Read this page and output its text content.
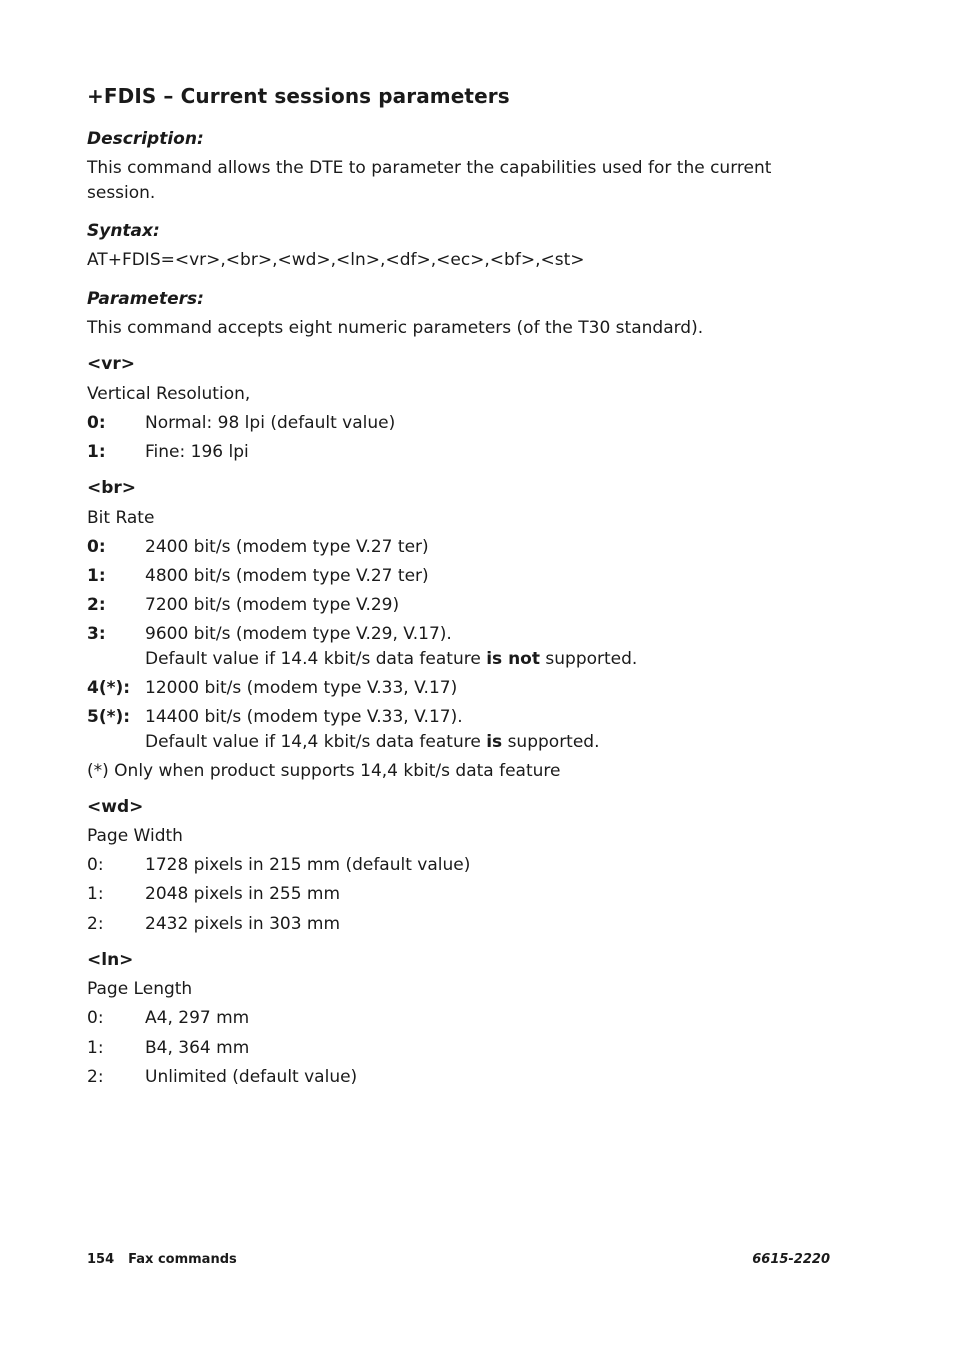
+FDIS – Current sessions parameters

Description:

This command allows the DTE to parameter the capabilities used for the current session.

Syntax:

AT+FDIS=<vr>,<br>,<wd>,<ln>,<df>,<ec>,<bf>,<st>

Parameters:

This command accepts eight numeric parameters (of the T30 standard).

<vr>

Vertical Resolution,

0: Normal: 98 lpi (default value)
1: Fine: 196 lpi

<br>

Bit Rate

0: 2400 bit/s (modem type V.27 ter)
1: 4800 bit/s (modem type V.27 ter)
2: 7200 bit/s (modem type V.29)
3: 9600 bit/s (modem type V.29, V.17).
Default value if 14.4 kbit/s data feature is not supported.
4(*): 12000 bit/s (modem type V.33, V.17)
5(*): 14400 bit/s (modem type V.33, V.17).
Default value if 14,4 kbit/s data feature is supported.

(*) Only when product supports 14,4 kbit/s data feature

<wd>

Page Width

0: 1728 pixels in 215 mm (default value)
1: 2048 pixels in 255 mm
2: 2432 pixels in 303 mm

<ln>

Page Length

0: A4, 297 mm
1: B4, 364 mm
2: Unlimited (default value)
154 Fax commands	6615-2220
